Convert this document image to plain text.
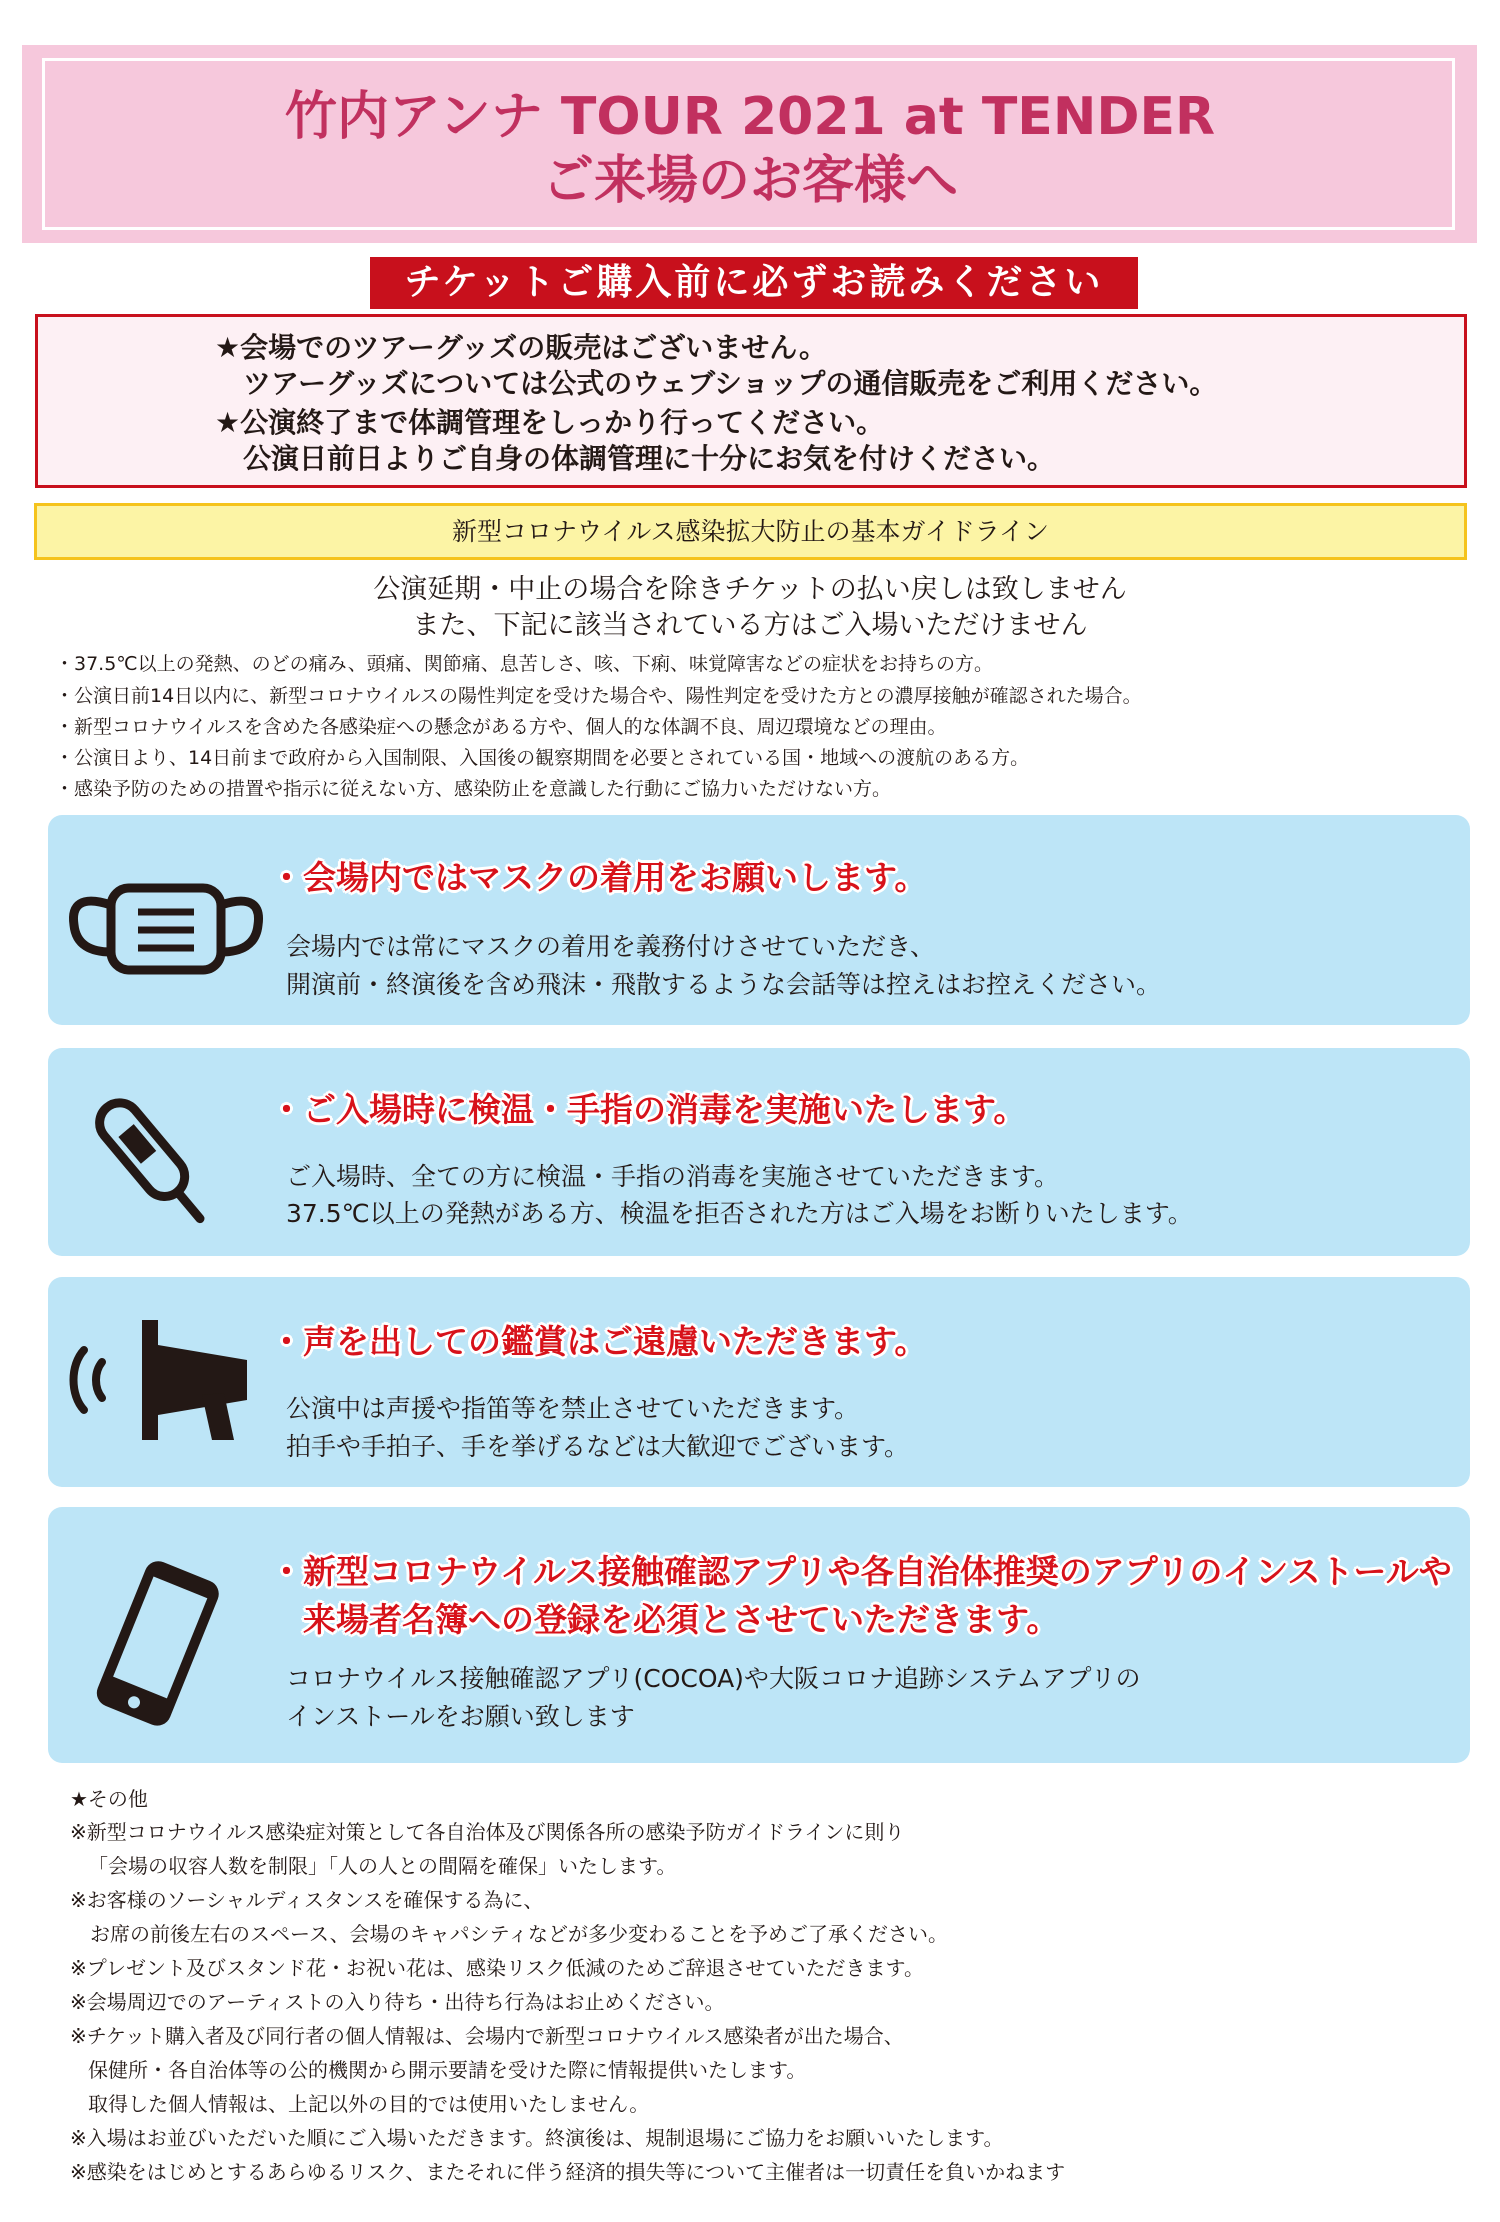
竹内アンナ TOUR 2021 at TENDER
ご来場のお客様へ
チケットご購入前に必ずお読みください
★会場でのツアーグッズの販売はございません。
　ツアーグッズについては公式のウェブショップの通信販売をご利用ください。
★公演終了まで体調管理をしっかり行ってください。
　公演日前日よりご自身の体調管理に十分にお気を付けください。
新型コロナウイルス感染拡大防止の基本ガイドライン
公演延期・中止の場合を除きチケットの払い戻しは致しません
また、下記に該当されている方はご入場いただけません
・37.5℃以上の発熱、のどの痛み、頭痛、関節痛、息苦しさ、咳、下痢、味覚障害などの症状をお持ちの方。
・公演日前14日以内に、新型コロナウイルスの陽性判定を受けた場合や、陽性判定を受けた方との濃厚接触が確認された場合。
・新型コロナウイルスを含めた各感染症への懸念がある方や、個人的な体調不良、周辺環境などの理由。
・公演日より、14日前まで政府から入国制限、入国後の観察期間を必要とされている国・地域への渡航のある方。
・感染予防のための措置や指示に従えない方、感染防止を意識した行動にご協力いただけない方。
・会場内ではマスクの着用をお願いします。
会場内では常にマスクの着用を義務付けさせていただき、
開演前・終演後を含め飛沫・飛散するような会話等は控えはお控えください。
・ご入場時に検温・手指の消毒を実施いたします。
ご入場時、全ての方に検温・手指の消毒を実施させていただきます。
37.5℃以上の発熱がある方、検温を拒否された方はご入場をお断りいたします。
・声を出しての鑑賞はご遠慮いただきます。
公演中は声援や指笛等を禁止させていただきます。
拍手や手拍子、手を挙げるなどは大歓迎でございます。
・新型コロナウイルス接触確認アプリや各自治体推奨のアプリのインストールや
　来場者名簿への登録を必須とさせていただきます。
コロナウイルス接触確認アプリ(COCOA)や大阪コロナ追跡システムアプリの
インストールをお願い致します
★その他
※新型コロナウイルス感染症対策として各自治体及び関係各所の感染予防ガイドラインに則り
「会場の収容人数を制限」「人の人との間隔を確保」いたします。
※お客様のソーシャルディスタンスを確保する為に、
　お席の前後左右のスペース、会場のキャパシティなどが多少変わることを予めご了承ください。
※プレゼント及びスタンド花・お祝い花は、感染リスク低減のためご辞退させていただきます。
※会場周辺でのアーティストの入り待ち・出待ち行為はお止めください。
※チケット購入者及び同行者の個人情報は、会場内で新型コロナウイルス感染者が出た場合、
保健所・各自治体等の公的機関から開示要請を受けた際に情報提供いたします。
取得した個人情報は、上記以外の目的では使用いたしません。
※入場はお並びいただいた順にご入場いただきます。終演後は、規制退場にご協力をお願いいたします。
※感染をはじめとするあらゆるリスク、またそれに伴う経済的損失等について主催者は一切責任を負いかねます
